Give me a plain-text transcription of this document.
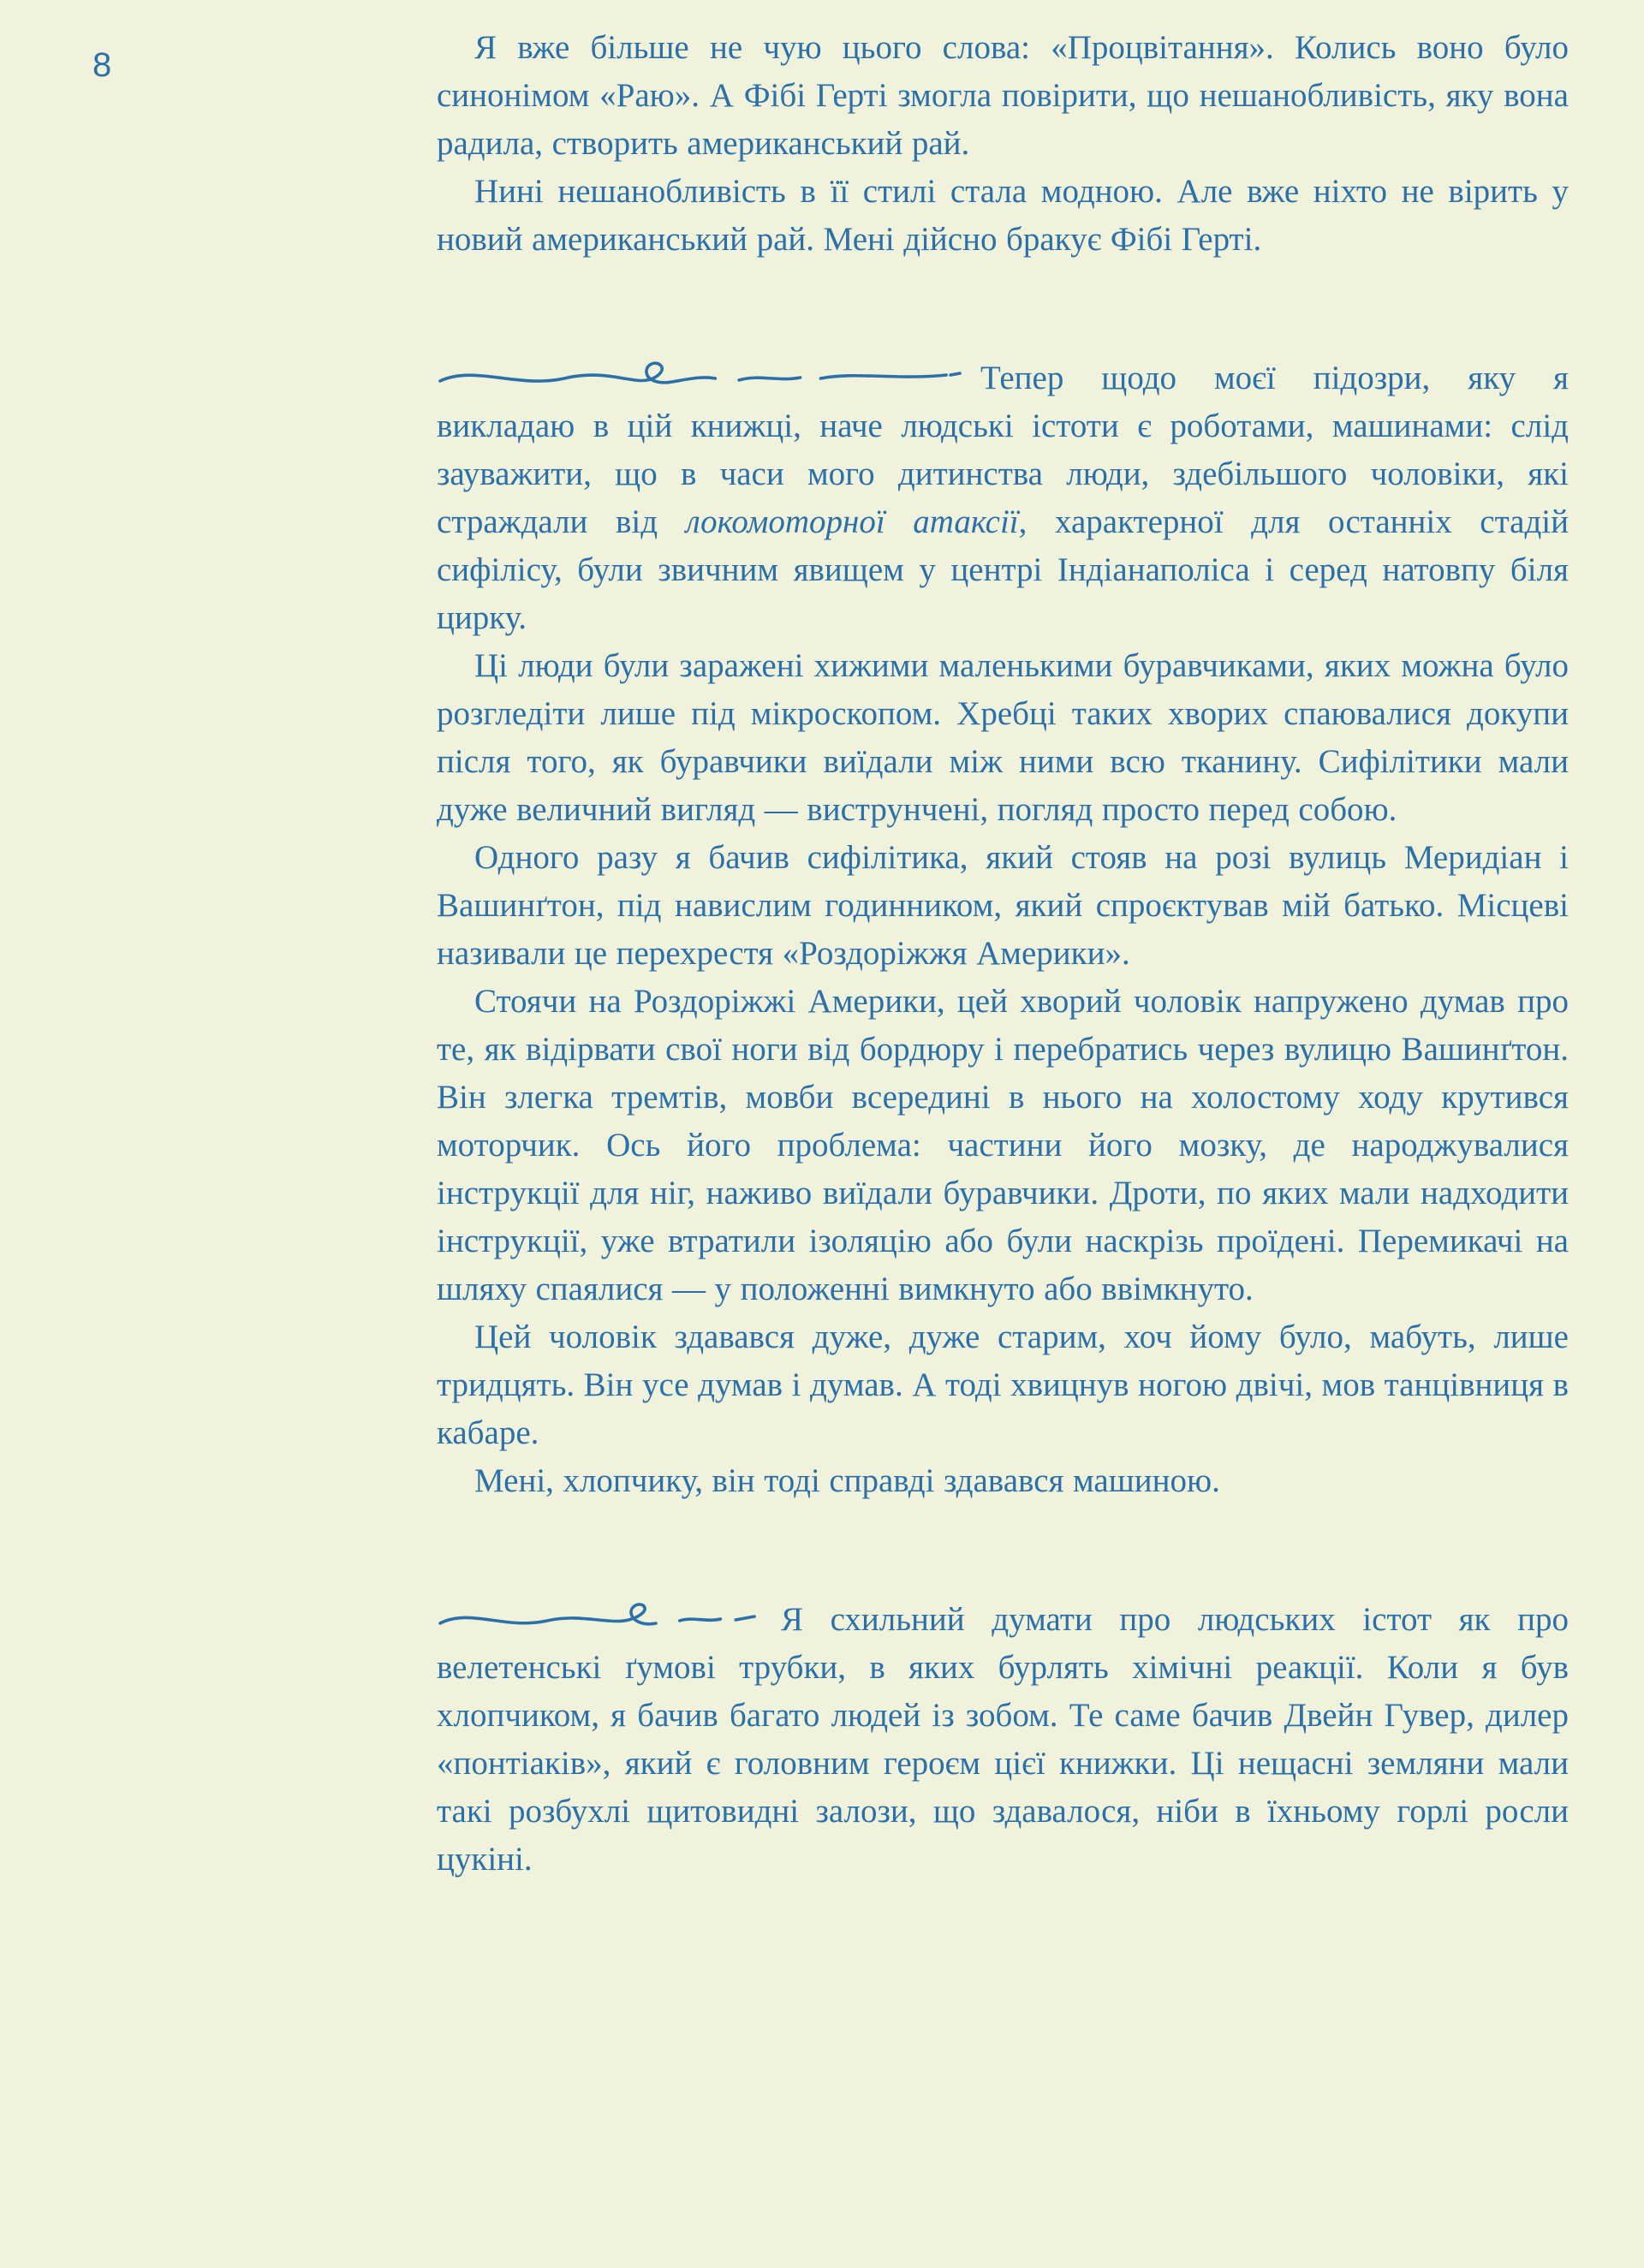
8	Я вже більше не чую цього слова: «Процвітання». Колись воно було синонімом «Раю». А Фібі Герті змогла повірити, що нешанобливість, яку вона радила, створить американський рай.

Нині нешанобливість в її стилі стала модною. Але вже ніхто не вірить у новий американський рай. Мені дійсно бракує Фібі Герті.

Тепер щодо моєї підозри, яку я викладаю в цій книжці, наче людські істоти є роботами, машинами: слід зауважити, що в часи мого дитинства люди, здебільшого чоловіки, які страждали від локомоторної атаксії, характерної для останніх стадій сифілісу, були звичним явищем у центрі Індіанаполіса і серед натовпу біля цирку.

Ці люди були заражені хижими маленькими буравчиками, яких можна було розгледіти лише під мікроскопом. Хребці таких хворих спаювалися докупи після того, як буравчики виїдали між ними всю тканину. Сифілітики мали дуже величний вигляд — виструнчені, погляд просто перед собою.

Одного разу я бачив сифілітика, який стояв на розі вулиць Меридіан і Вашинґтон, під навислим годинником, який спроєктував мій батько. Місцеві називали це перехрестя «Роздоріжжя Америки».

Стоячи на Роздоріжжі Америки, цей хворий чоловік напружено думав про те, як відірвати свої ноги від бордюру і перебратись через вулицю Вашинґтон. Він злегка тремтів, мовби всередині в нього на холостому ходу крутився моторчик. Ось його проблема: частини його мозку, де народжувалися інструкції для ніг, наживо виїдали буравчики. Дроти, по яких мали надходити інструкції, уже втратили ізоляцію або були наскрізь проїдені. Перемикачі на шляху спаялися — у положенні вимкнуто або ввімкнуто.

Цей чоловік здавався дуже, дуже старим, хоч йому було, мабуть, лише тридцять. Він усе думав і думав. А тоді хвицнув ногою двічі, мов танцівниця в кабаре.

Мені, хлопчику, він тоді справді здавався машиною.

Я схильний думати про людських істот як про велетенські ґумові трубки, в яких бурлять хімічні реакції. Коли я був хлопчиком, я бачив багато людей із зобом. Те саме бачив Двейн Гувер, дилер «понтіаків», який є головним героєм цієї книжки. Ці нещасні земляни мали такі розбухлі щитовидні залози, що здавалося, ніби в їхньому горлі росли цукіні.
